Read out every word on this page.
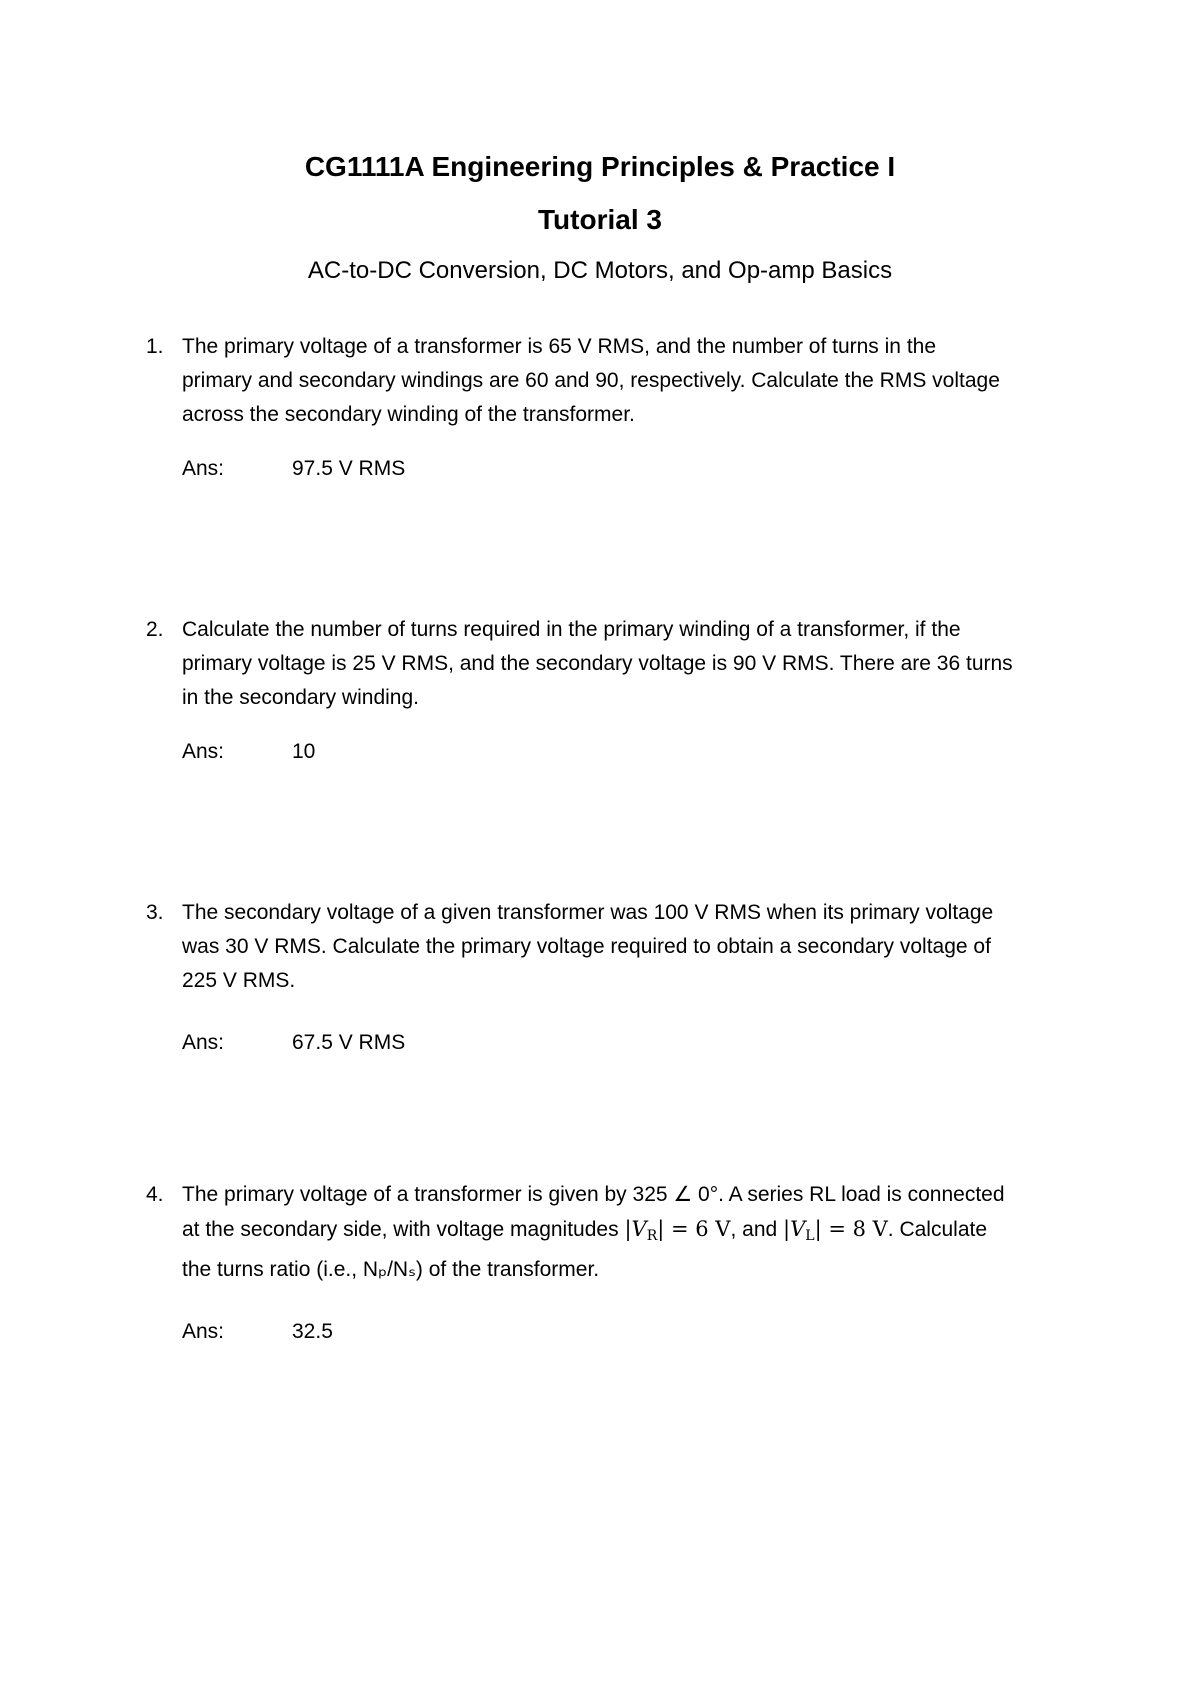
CG1111A Engineering Principles & Practice I
Tutorial 3
AC-to-DC Conversion, DC Motors, and Op-amp Basics
1. The primary voltage of a transformer is 65 V RMS, and the number of turns in the
primary and secondary windings are 60 and 90, respectively. Calculate the RMS voltage
across the secondary winding of the transformer.
Ans:	97.5 V RMS
2. Calculate the number of turns required in the primary winding of a transformer, if the
primary voltage is 25 V RMS, and the secondary voltage is 90 V RMS. There are 36 turns
in the secondary winding.
Ans:	10
3. The secondary voltage of a given transformer was 100 V RMS when its primary voltage
was 30 V RMS. Calculate the primary voltage required to obtain a secondary voltage of
225 V RMS.
Ans:	67.5 V RMS
4. The primary voltage of a transformer is given by 325 ∠ 0°. A series RL load is connected
at the secondary side, with voltage magnitudes $|V_R| = 6$ V, and $|V_L| = 8$ V. Calculate
the turns ratio (i.e., Nₚ/Nₛ) of the transformer.
Ans:	32.5
